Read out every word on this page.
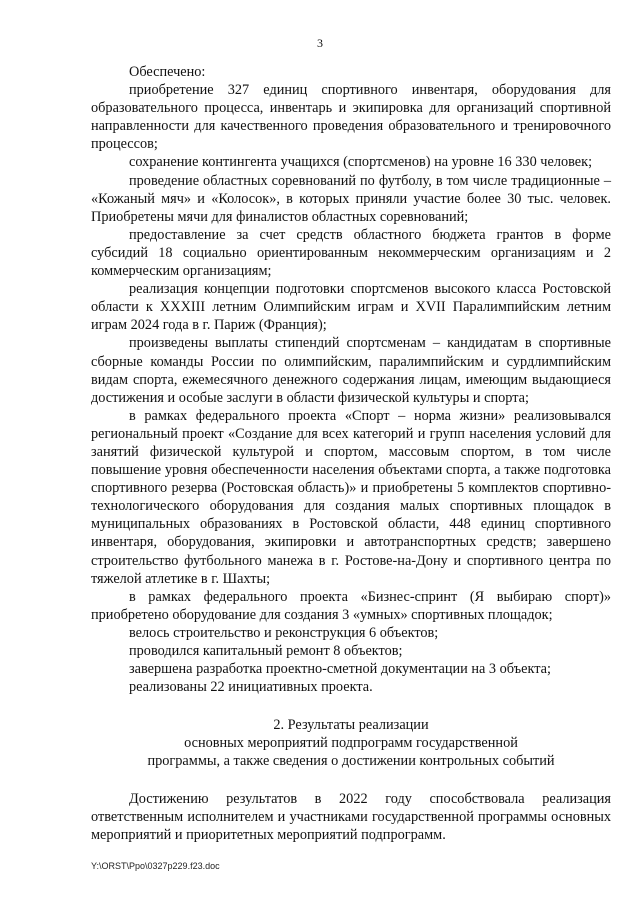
3

Обеспечено:

приобретение 327 единиц спортивного инвентаря, оборудования для образовательного процесса, инвентарь и экипировка для организаций спортивной направленности для качественного проведения образовательного и тренировочного процессов;

сохранение контингента учащихся (спортсменов) на уровне 16 330 человек;

проведение областных соревнований по футболу, в том числе традиционные – «Кожаный мяч» и «Колосок», в которых приняли участие более 30 тыс. человек. Приобретены мячи для финалистов областных соревнований;

предоставление за счет средств областного бюджета грантов в форме субсидий 18 социально ориентированным некоммерческим организациям и 2 коммерческим организациям;

реализация концепции подготовки спортсменов высокого класса Ростовской области к XXXIII летним Олимпийским играм и XVII Паралимпийским летним играм 2024 года в г. Париж (Франция);

произведены выплаты стипендий спортсменам – кандидатам в спортивные сборные команды России по олимпийским, паралимпийским и сурдлимпийским видам спорта, ежемесячного денежного содержания лицам, имеющим выдающиеся достижения и особые заслуги в области физической культуры и спорта;

в рамках федерального проекта «Спорт – норма жизни» реализовывался региональный проект «Создание для всех категорий и групп населения условий для занятий физической культурой и спортом, массовым спортом, в том числе повышение уровня обеспеченности населения объектами спорта, а также подготовка спортивного резерва (Ростовская область)» и приобретены 5 комплектов спортивно-технологического оборудования для создания малых спортивных площадок в муниципальных образованиях в Ростовской области, 448 единиц спортивного инвентаря, оборудования, экипировки и автотранспортных средств; завершено строительство футбольного манежа в г. Ростове-на-Дону и спортивного центра по тяжелой атлетике в г. Шахты;

в рамках федерального проекта «Бизнес-спринт (Я выбираю спорт)» приобретено оборудование для создания 3 «умных» спортивных площадок;

велось строительство и реконструкция 6 объектов;

проводился капитальный ремонт 8 объектов;

завершена разработка проектно-сметной документации на 3 объекта;

реализованы 22 инициативных проекта.

2. Результаты реализации
основных мероприятий подпрограмм государственной
программы, а также сведения о достижении контрольных событий

Достижению результатов в 2022 году способствовала реализация ответственным исполнителем и участниками государственной программы основных мероприятий и приоритетных мероприятий подпрограмм.

Y:\ORST\Ppo\0327p229.f23.doc
